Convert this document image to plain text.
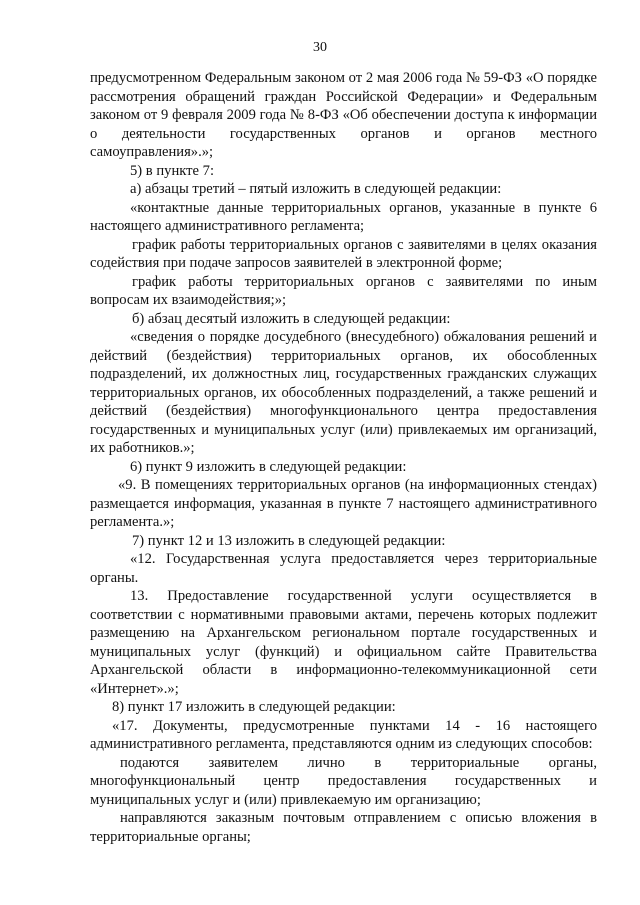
30

предусмотренном Федеральным законом от 2 мая 2006 года № 59-ФЗ «О порядке рассмотрения обращений граждан Российской Федерации» и Федеральным законом от 9 февраля 2009 года № 8-ФЗ «Об обеспечении доступа к информации о деятельности государственных органов и органов местного самоуправления».»;

5) в пункте 7:

а) абзацы третий – пятый изложить в следующей редакции:

«контактные данные территориальных органов, указанные в пункте 6 настоящего административного регламента;

график работы территориальных органов с заявителями в целях оказания содействия при подаче запросов заявителей в электронной форме;

график работы территориальных органов с заявителями по иным вопросам их взаимодействия;»;

б) абзац десятый изложить в следующей редакции:

«сведения о порядке досудебного (внесудебного) обжалования решений и действий (бездействия) территориальных органов, их обособленных подразделений, их должностных лиц, государственных гражданских служащих территориальных органов, их обособленных подразделений, а также решений и действий (бездействия) многофункционального центра предоставления государственных и муниципальных услуг (или) привлекаемых им организаций, их работников.»;

6) пункт 9 изложить в следующей редакции:

«9. В помещениях территориальных органов (на информационных стендах) размещается информация, указанная в пункте 7 настоящего административного регламента.»;

7) пункт 12 и 13 изложить в следующей редакции:

«12. Государственная услуга предоставляется через территориальные органы.

13. Предоставление государственной услуги осуществляется в соответствии с нормативными правовыми актами, перечень которых подлежит размещению на Архангельском региональном портале государственных и муниципальных услуг (функций) и официальном сайте Правительства Архангельской области в информационно-телекоммуникационной сети «Интернет».»;

8) пункт 17 изложить в следующей редакции:

«17. Документы, предусмотренные пунктами 14 - 16 настоящего административного регламента, представляются одним из следующих способов:

подаются заявителем лично в территориальные органы, многофункциональный центр предоставления государственных и муниципальных услуг и (или) привлекаемую им организацию;

направляются заказным почтовым отправлением с описью вложения в территориальные органы;
